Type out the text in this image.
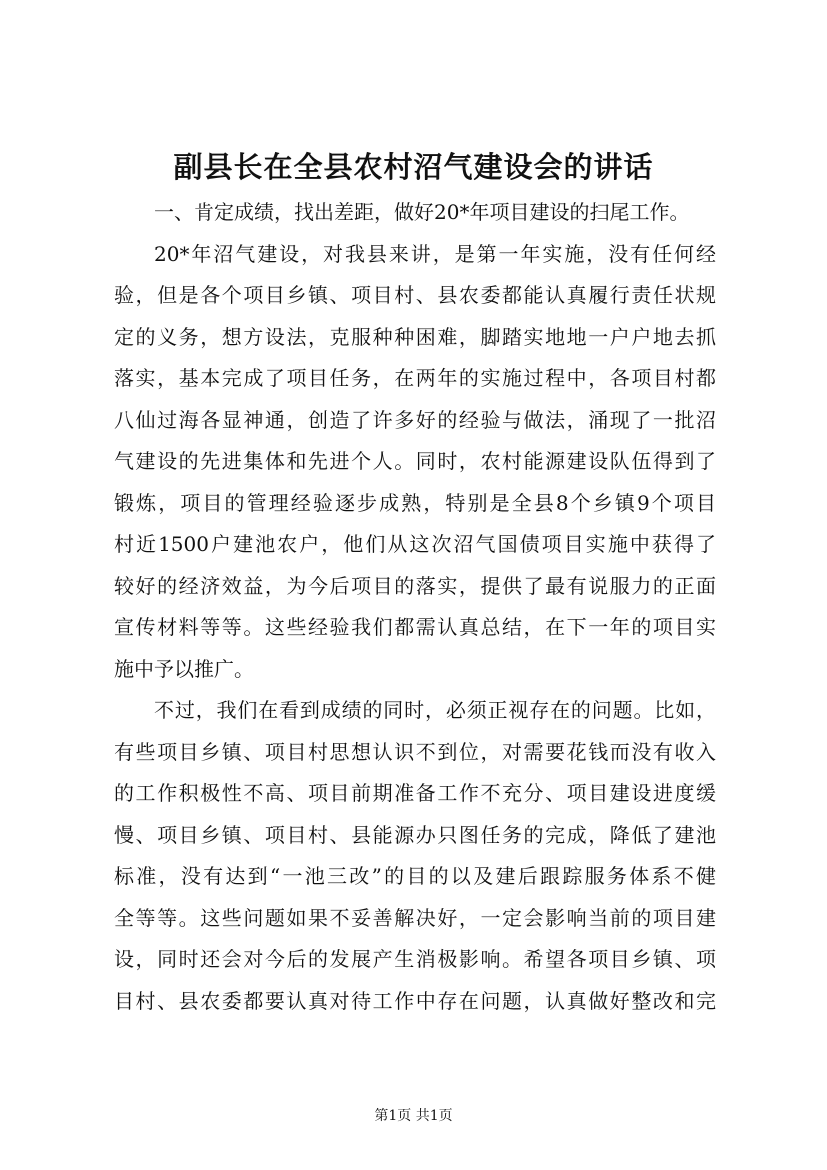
副县长在全县农村沼气建设会的讲话
一、肯定成绩，找出差距，做好20*年项目建设的扫尾工作。
20*年沼气建设，对我县来讲，是第一年实施，没有任何经
验，但是各个项目乡镇、项目村、县农委都能认真履行责任状规
定的义务，想方设法，克服种种困难，脚踏实地地一户户地去抓
落实，基本完成了项目任务，在两年的实施过程中，各项目村都
八仙过海各显神通，创造了许多好的经验与做法，涌现了一批沼
气建设的先进集体和先进个人。同时，农村能源建设队伍得到了
锻炼，项目的管理经验逐步成熟，特别是全县8个乡镇9个项目
村近1500户建池农户，他们从这次沼气国债项目实施中获得了
较好的经济效益，为今后项目的落实，提供了最有说服力的正面
宣传材料等等。这些经验我们都需认真总结，在下一年的项目实
施中予以推广。
不过，我们在看到成绩的同时，必须正视存在的问题。比如，
有些项目乡镇、项目村思想认识不到位，对需要花钱而没有收入
的工作积极性不高、项目前期准备工作不充分、项目建设进度缓
慢、项目乡镇、项目村、县能源办只图任务的完成，降低了建池
标准，没有达到“一池三改”的目的以及建后跟踪服务体系不健
全等等。这些问题如果不妥善解决好，一定会影响当前的项目建
设，同时还会对今后的发展产生消极影响。希望各项目乡镇、项
目村、县农委都要认真对待工作中存在问题，认真做好整改和完
第1页 共1页
